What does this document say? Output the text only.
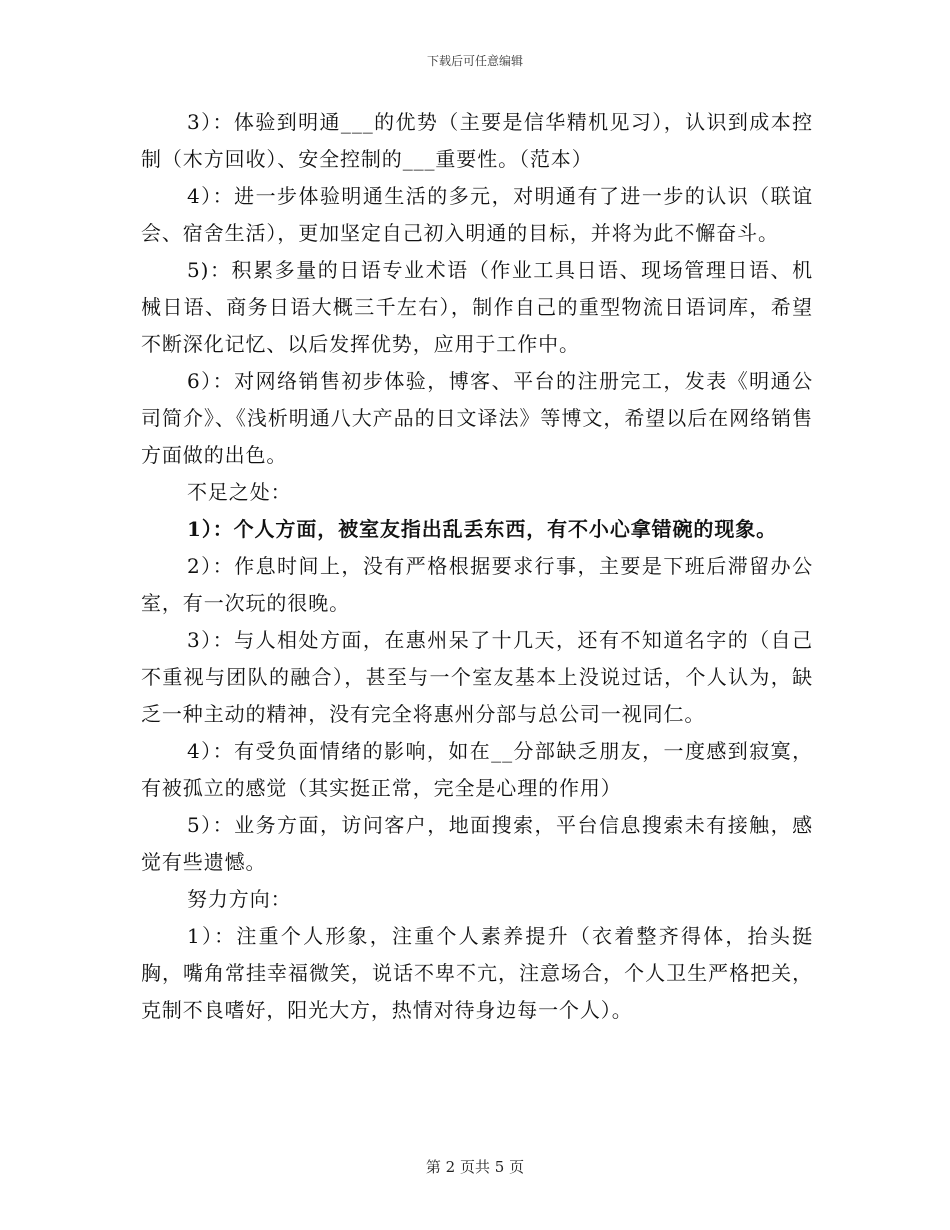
下载后可任意编辑

3）：体验到明通___的优势（主要是信华精机见习），认识到成本控制（木方回收）、安全控制的___重要性。（范本）

4）：进一步体验明通生活的多元，对明通有了进一步的认识（联谊会、宿舍生活），更加坚定自己初入明通的目标，并将为此不懈奋斗。

5)：积累多量的日语专业术语（作业工具日语、现场管理日语、机械日语、商务日语大概三千左右），制作自己的重型物流日语词库，希望不断深化记忆、以后发挥优势，应用于工作中。

6）：对网络销售初步体验，博客、平台的注册完工，发表《明通公司简介》、《浅析明通八大产品的日文译法》等博文，希望以后在网络销售方面做的出色。

不足之处：

1）：个人方面，被室友指出乱丢东西，有不小心拿错碗的现象。

2）：作息时间上，没有严格根据要求行事，主要是下班后滞留办公室，有一次玩的很晚。

3）：与人相处方面，在惠州呆了十几天，还有不知道名字的（自己不重视与团队的融合），甚至与一个室友基本上没说过话，个人认为，缺乏一种主动的精神，没有完全将惠州分部与总公司一视同仁。

4）：有受负面情绪的影响，如在__分部缺乏朋友，一度感到寂寞，有被孤立的感觉（其实挺正常，完全是心理的作用）

5）：业务方面，访问客户，地面搜索，平台信息搜索未有接触，感觉有些遗憾。

努力方向：

1）：注重个人形象，注重个人素养提升（衣着整齐得体，抬头挺胸，嘴角常挂幸福微笑，说话不卑不亢，注意场合，个人卫生严格把关，克制不良嗜好，阳光大方，热情对待身边每一个人）。

第 2 页共 5 页
